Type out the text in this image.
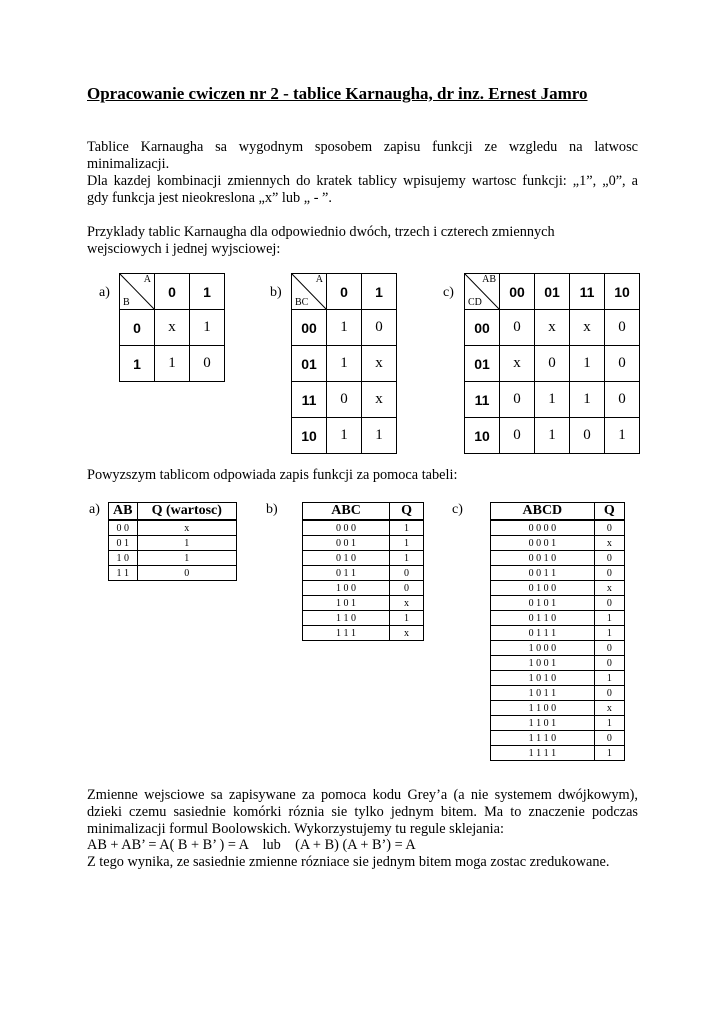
Opracowanie cwiczen nr 2 - tablice Karnaugha, dr inz. Ernest Jamro
Tablice Karnaugha sa wygodnym sposobem zapisu funkcji ze wzgledu na latwosc
minimalizacji.
Dla kazdej kombinacji zmiennych do kratek tablicy wpisujemy wartosc funkcji: „1”, „0”, a
gdy funkcja jest nieokreslona „x” lub „ - ”.
Przyklady tablic Karnaugha dla odpowiednio dwóch, trzech i czterech zmiennych
wejsciowych i jednej wyjsciowej:
a)	b)	c)
A
B	0	1
0	x	1
1	1	0
A
BC	0	1
00	1	0
01	1	x
11	0	x
10	1	1
AB
CD	00	01	11	10
00	0	x	x	0
01	x	0	1	0
11	0	1	1	0
10	0	1	0	1
Powyzszym tablicom odpowiada zapis funkcji za pomoca tabeli:
a)	b)	c)
AB	Q (wartosc)
0 0	x
0 1	1
1 0	1
1 1	0
ABC	Q
0 0 0	1
0 0 1	1
0 1 0	1
0 1 1	0
1 0 0	0
1 0 1	x
1 1 0	1
1 1 1	x
ABCD	Q
0 0 0 0	0
0 0 0 1	x
0 0 1 0	0
0 0 1 1	0
0 1 0 0	x
0 1 0 1	0
0 1 1 0	1
0 1 1 1	1
1 0 0 0	0
1 0 0 1	0
1 0 1 0	1
1 0 1 1	0
1 1 0 0	x
1 1 0 1	1
1 1 1 0	0
1 1 1 1	1
Zmienne wejsciowe sa zapisywane za pomoca kodu Grey’a (a nie systemem dwójkowym),
dzieki czemu sasiednie komórki róznia sie tylko jednym bitem. Ma to znaczenie podczas
minimalizacji formul Boolowskich. Wykorzystujemy tu regule sklejania:
AB + AB’ = A( B + B’ ) = A    lub    (A + B) (A + B’) = A
Z tego wynika, ze sasiednie zmienne rózniace sie jednym bitem moga zostac zredukowane.
